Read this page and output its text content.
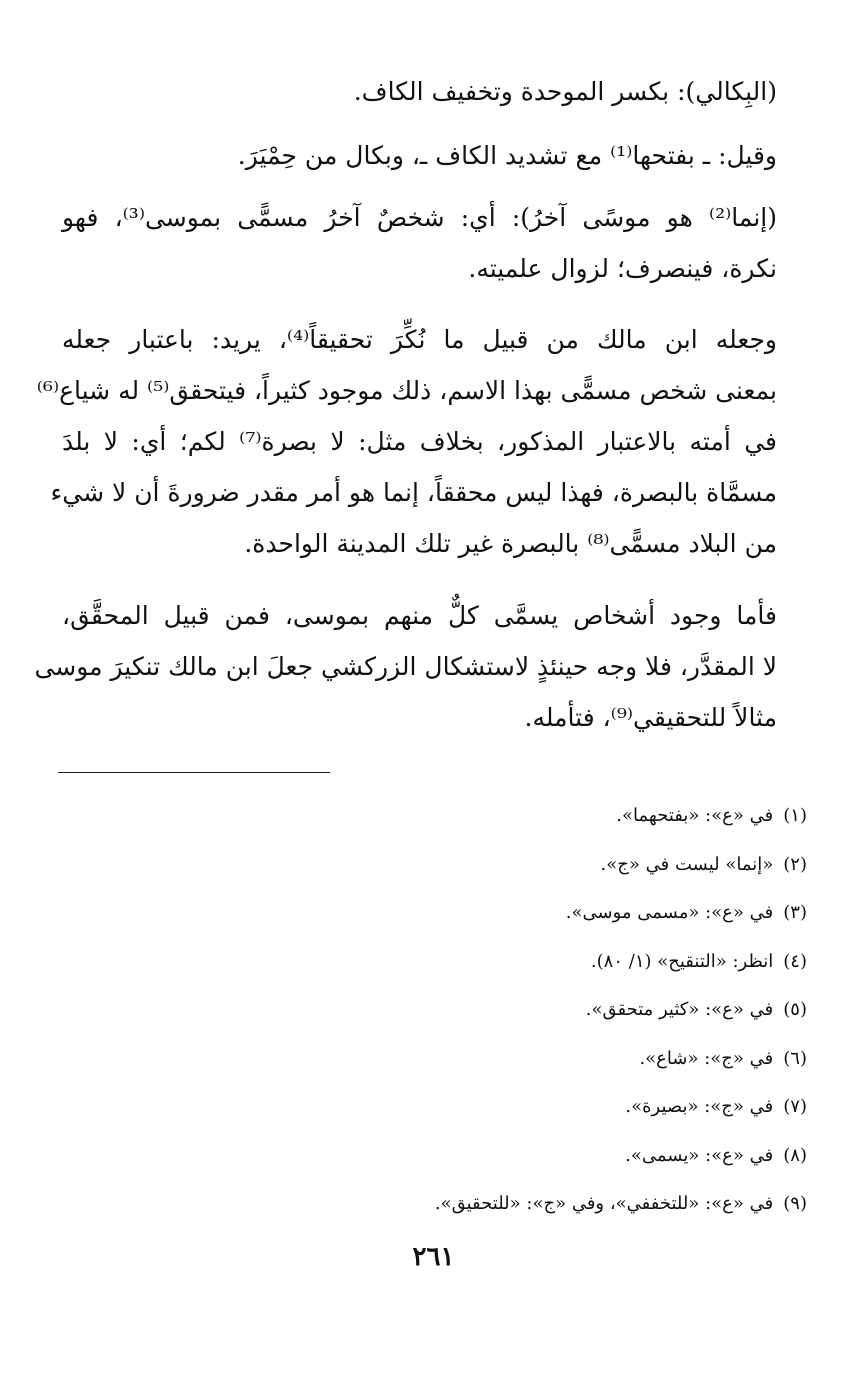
(البِكالي): بكسر الموحدة وتخفيف الكاف.
وقيل: ـ بفتحها⁽¹⁾ مع تشديد الكاف ـ، وبكال من حِمْيَرَ.
(إنما⁽²⁾ هو موسًى آخرُ): أي: شخصٌ آخرُ مسمًّى بموسى⁽³⁾، فهو
نكرة، فينصرف؛ لزوال علميته.
وجعله ابن مالك من قبيل ما نُكِّرَ تحقيقاً⁽⁴⁾، يريد: باعتبار جعله
بمعنى شخص مسمًّى بهذا الاسم، ذلك موجود كثيراً، فيتحقق⁽⁵⁾ له شياع⁽⁶⁾
في أمته بالاعتبار المذكور، بخلاف مثل: لا بصرة⁽⁷⁾ لكم؛ أي: لا بلدَ
مسمَّاة بالبصرة، فهذا ليس محققاً، إنما هو أمر مقدر ضرورةَ أن لا شيء
من البلاد مسمًّى⁽⁸⁾ بالبصرة غير تلك المدينة الواحدة.
فأما وجود أشخاص يسمَّى كلٌّ منهم بموسى، فمن قبيل المحقَّق،
لا المقدَّر، فلا وجه حينئذٍ لاستشكال الزركشي جعلَ ابن مالك تنكيرَ موسى
مثالاً للتحقيقي⁽⁹⁾، فتأمله.
(١)في «ع»: «بفتحهما».
(٢)«إنما» ليست في «ج».
(٣)في «ع»: «مسمى موسى».
(٤)انظر: «التنقيح» (١/ ٨٠).
(٥)في «ع»: «كثير متحقق».
(٦)في «ج»: «شاع».
(٧)في «ج»: «بصيرة».
(٨)في «ع»: «يسمى».
(٩)في «ع»: «للتخففي»، وفي «ج»: «للتحقيق».
٢٦١
